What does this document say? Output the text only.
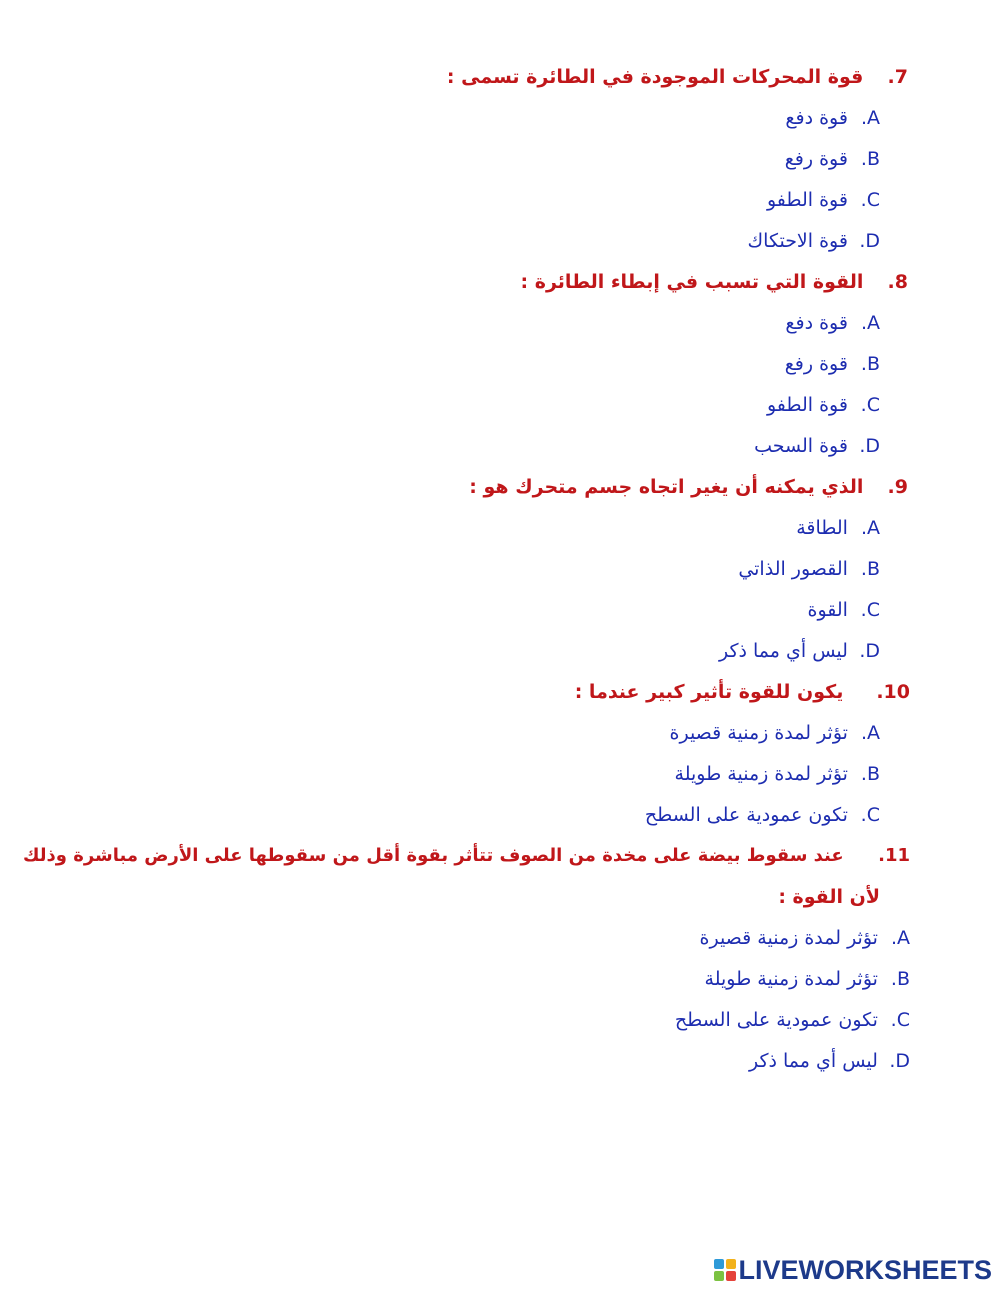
7. قوة المحركات الموجودة في الطائرة تسمى :
A. قوة دفع
B. قوة رفع
C. قوة الطفو
D. قوة الاحتكاك
8. القوة التي تسبب في إبطاء الطائرة :
A. قوة دفع
B. قوة رفع
C. قوة الطفو
D. قوة السحب
9. الذي يمكنه أن يغير اتجاه جسم متحرك هو :
A. الطاقة
B. القصور الذاتي
C. القوة
D. ليس أي مما ذكر
10. يكون للقوة تأثير كبير عندما :
A. تؤثر لمدة زمنية قصيرة
B. تؤثر لمدة زمنية طويلة
C. تكون عمودية على السطح
11. عند سقوط بيضة على مخدة من الصوف تتأثر بقوة أقل من سقوطها على الأرض مباشرة وذلك
لأن القوة :
A. تؤثر لمدة زمنية قصيرة
B. تؤثر لمدة زمنية طويلة
C. تكون عمودية على السطح
D. ليس أي مما ذكر
LIVEWORKSHEETS
